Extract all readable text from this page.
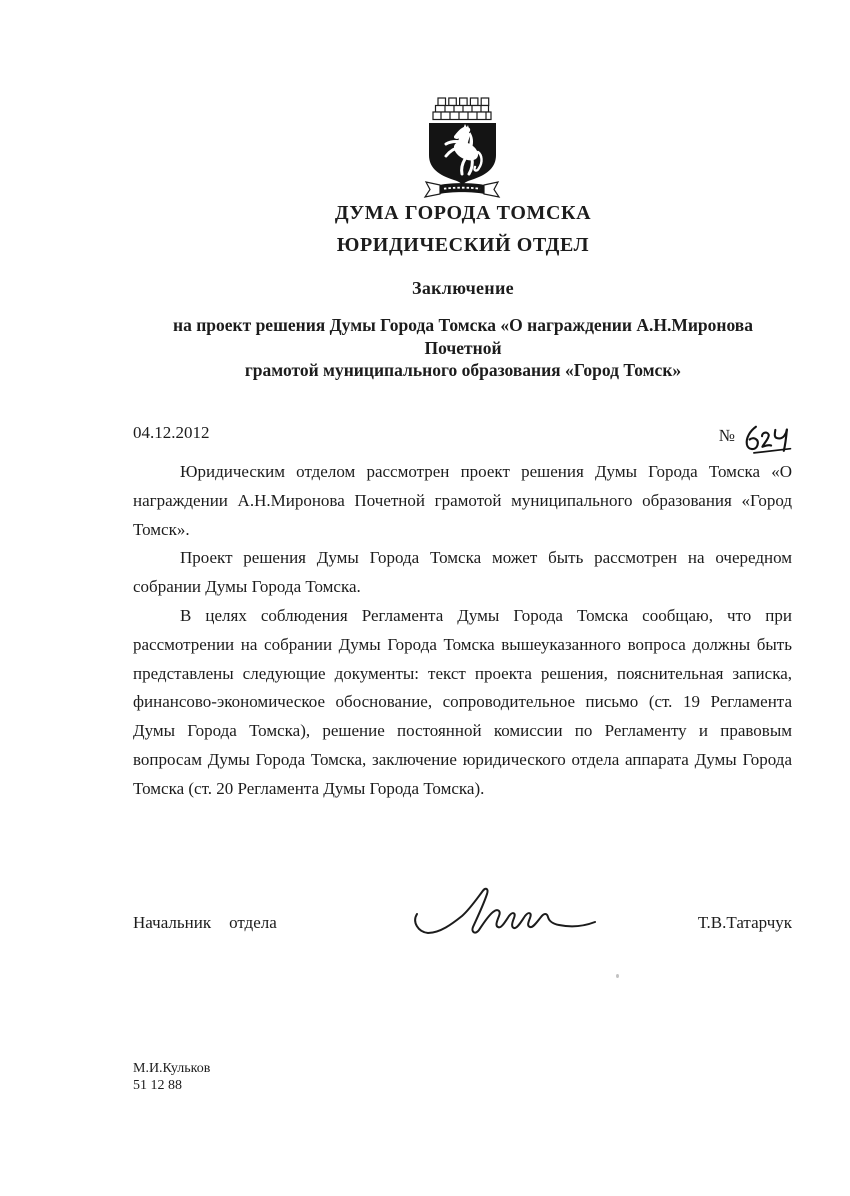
ДУМА ГОРОДА ТОМСКА
ЮРИДИЧЕСКИЙ ОТДЕЛ
Заключение
на проект решения Думы Города Томска «О награждении А.Н.Миронова Почетной
грамотой муниципального образования «Город Томск»
04.12.2012	№
Юридическим отделом рассмотрен проект решения Думы Города Томска «О
награждении А.Н.Миронова Почетной грамотой муниципального образования «Город
Томск».
Проект решения Думы Города Томска может быть рассмотрен на очередном
собрании Думы Города Томска.
В целях соблюдения Регламента Думы Города Томска сообщаю, что при
рассмотрении на собрании Думы Города Томска вышеуказанного вопроса должны быть
представлены следующие документы: текст проекта решения, пояснительная записка,
финансово-экономическое обоснование, сопроводительное письмо (ст. 19 Регламента
Думы Города Томска), решение постоянной комиссии по Регламенту и правовым
вопросам Думы Города Томска, заключение юридического отдела аппарата Думы Города
Томска (ст. 20 Регламента Думы Города Томска).
Начальник отдела	Т.В.Татарчук
М.И.Кульков
51 12 88
